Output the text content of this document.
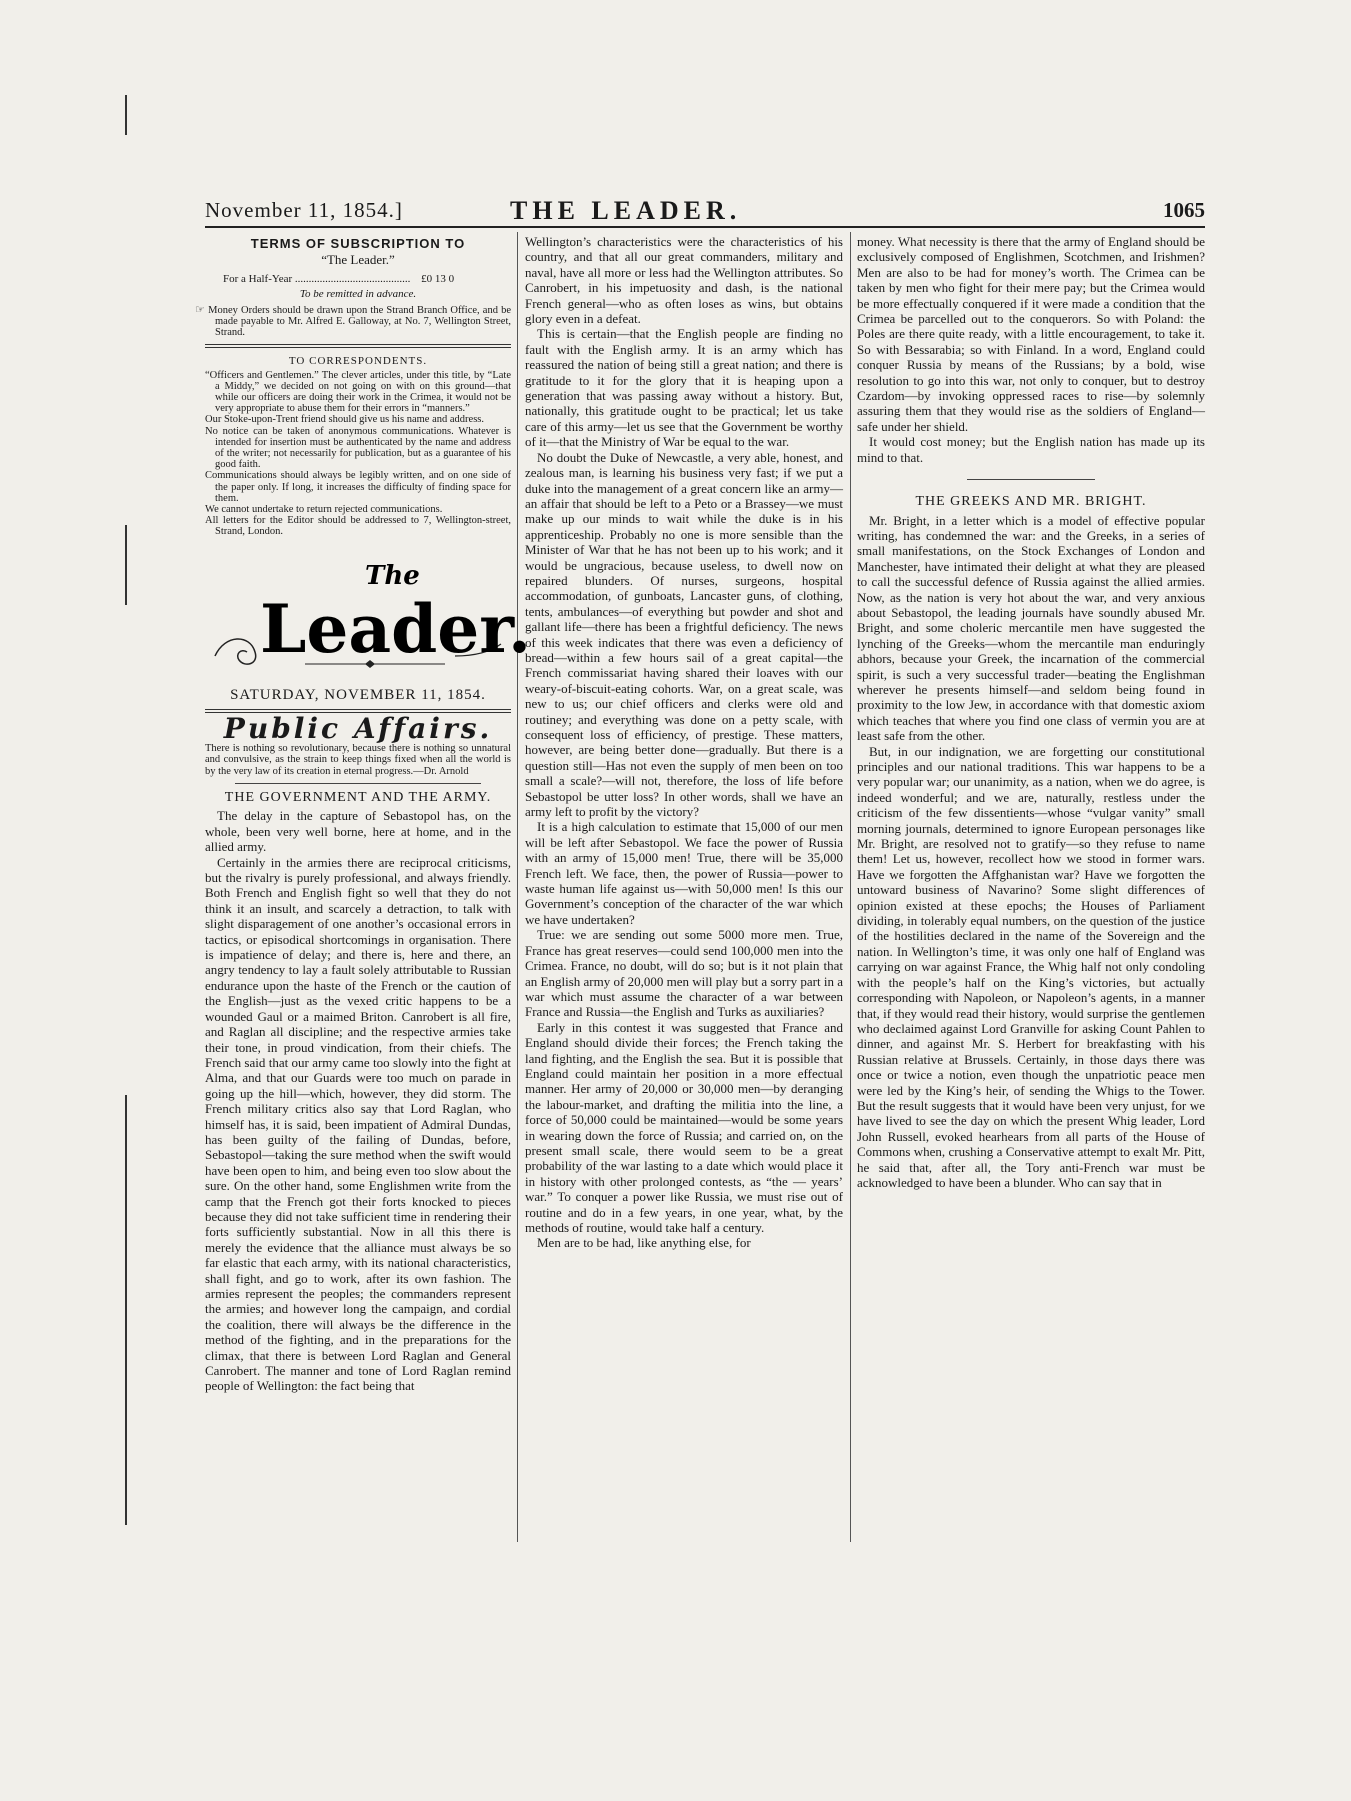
November 11, 1854.]	THE LEADER.	1065
TERMS OF SUBSCRIPTION TO
“The Leader.”
For a Half-Year .......................................... £0 13 0
To be remitted in advance.

☞ Money Orders should be drawn upon the Strand Branch Office, and be made payable to Mr. Alfred E. Galloway, at No. 7, Wellington Street, Strand.

TO CORRESPONDENTS.

“Officers and Gentlemen.” The clever articles, under this title, by “Late a Middy,” we decided on not going on with on this ground—that while our officers are doing their work in the Crimea, it would not be very appropriate to abuse them for their errors in “manners.”

Our Stoke-upon-Trent friend should give us his name and address.

No notice can be taken of anonymous communications. Whatever is intended for insertion must be authenticated by the name and address of the writer; not necessarily for publication, but as a guarantee of his good faith.

Communications should always be legibly written, and on one side of the paper only. If long, it increases the difficulty of finding space for them.

We cannot undertake to return rejected communications.

All letters for the Editor should be addressed to 7, Wellington-street, Strand, London.

The
Leader.
SATURDAY, NOVEMBER 11, 1854.
Public Affairs.
There is nothing so revolutionary, because there is nothing so unnatural and convulsive, as the strain to keep things fixed when all the world is by the very law of its creation in eternal progress.—Dr. Arnold
THE GOVERNMENT AND THE ARMY.

The delay in the capture of Sebastopol has, on the whole, been very well borne, here at home, and in the allied army.

Certainly in the armies there are reciprocal criticisms, but the rivalry is purely professional, and always friendly. Both French and English fight so well that they do not think it an insult, and scarcely a detraction, to talk with slight disparagement of one another’s occasional errors in tactics, or episodical shortcomings in organisation. There is impatience of delay; and there is, here and there, an angry tendency to lay a fault solely attributable to Russian endurance upon the haste of the French or the caution of the English—just as the vexed critic happens to be a wounded Gaul or a maimed Briton. Canrobert is all fire, and Raglan all discipline; and the respective armies take their tone, in proud vindication, from their chiefs. The French said that our army came too slowly into the fight at Alma, and that our Guards were too much on parade in going up the hill—which, however, they did storm. The French military critics also say that Lord Raglan, who himself has, it is said, been impatient of Admiral Dundas, has been guilty of the failing of Dundas, before, Sebastopol—taking the sure method when the swift would have been open to him, and being even too slow about the sure. On the other hand, some Englishmen write from the camp that the French got their forts knocked to pieces because they did not take sufficient time in rendering their forts sufficiently substantial. Now in all this there is merely the evidence that the alliance must always be so far elastic that each army, with its national characteristics, shall fight, and go to work, after its own fashion. The armies represent the peoples; the commanders represent the armies; and however long the campaign, and cordial the coalition, there will always be the difference in the method of the fighting, and in the preparations for the climax, that there is between Lord Raglan and General Canrobert. The manner and tone of Lord Raglan remind people of Wellington: the fact being that

Wellington’s characteristics were the characteristics of his country, and that all our great commanders, military and naval, have all more or less had the Wellington attributes. So Canrobert, in his impetuosity and dash, is the national French general—who as often loses as wins, but obtains glory even in a defeat.

This is certain—that the English people are finding no fault with the English army. It is an army which has reassured the nation of being still a great nation; and there is gratitude to it for the glory that it is heaping upon a generation that was passing away without a history. But, nationally, this gratitude ought to be practical; let us take care of this army—let us see that the Government be worthy of it—that the Ministry of War be equal to the war.

No doubt the Duke of Newcastle, a very able, honest, and zealous man, is learning his business very fast; if we put a duke into the management of a great concern like an army—an affair that should be left to a Peto or a Brassey—we must make up our minds to wait while the duke is in his apprenticeship. Probably no one is more sensible than the Minister of War that he has not been up to his work; and it would be ungracious, because useless, to dwell now on repaired blunders. Of nurses, surgeons, hospital accommodation, of gunboats, Lancaster guns, of clothing, tents, ambulances—of everything but powder and shot and gallant life—there has been a frightful deficiency. The news of this week indicates that there was even a deficiency of bread—within a few hours sail of a great capital—the French commissariat having shared their loaves with our weary-of-biscuit-eating cohorts. War, on a great scale, was new to us; our chief officers and clerks were old and routiney; and everything was done on a petty scale, with consequent loss of efficiency, of prestige. These matters, however, are being better done—gradually. But there is a question still—Has not even the supply of men been on too small a scale?—will not, therefore, the loss of life before Sebastopol be utter loss? In other words, shall we have an army left to profit by the victory?

It is a high calculation to estimate that 15,000 of our men will be left after Sebastopol. We face the power of Russia with an army of 15,000 men! True, there will be 35,000 French left. We face, then, the power of Russia—power to waste human life against us—with 50,000 men! Is this our Government’s conception of the character of the war which we have undertaken?

True: we are sending out some 5000 more men. True, France has great reserves—could send 100,000 men into the Crimea. France, no doubt, will do so; but is it not plain that an English army of 20,000 men will play but a sorry part in a war which must assume the character of a war between France and Russia—the English and Turks as auxiliaries?

Early in this contest it was suggested that France and England should divide their forces; the French taking the land fighting, and the English the sea. But it is possible that England could maintain her position in a more effectual manner. Her army of 20,000 or 30,000 men—by deranging the labour-market, and drafting the militia into the line, a force of 50,000 could be maintained—would be some years in wearing down the force of Russia; and carried on, on the present small scale, there would seem to be a great probability of the war lasting to a date which would place it in history with other prolonged contests, as “the — years’ war.” To conquer a power like Russia, we must rise out of routine and do in a few years, in one year, what, by the methods of routine, would take half a century.

Men are to be had, like anything else, for

money. What necessity is there that the army of England should be exclusively composed of Englishmen, Scotchmen, and Irishmen? Men are also to be had for money’s worth. The Crimea can be taken by men who fight for their mere pay; but the Crimea would be more effectually conquered if it were made a condition that the Crimea be parcelled out to the conquerors. So with Poland: the Poles are there quite ready, with a little encouragement, to take it. So with Bessarabia; so with Finland. In a word, England could conquer Russia by means of the Russians; by a bold, wise resolution to go into this war, not only to conquer, but to destroy Czardom—by invoking oppressed races to rise—by solemnly assuring them that they would rise as the soldiers of England—safe under her shield.

It would cost money; but the English nation has made up its mind to that.

THE GREEKS AND MR. BRIGHT.

Mr. Bright, in a letter which is a model of effective popular writing, has condemned the war: and the Greeks, in a series of small manifestations, on the Stock Exchanges of London and Manchester, have intimated their delight at what they are pleased to call the successful defence of Russia against the allied armies. Now, as the nation is very hot about the war, and very anxious about Sebastopol, the leading journals have soundly abused Mr. Bright, and some choleric mercantile men have suggested the lynching of the Greeks—whom the mercantile man enduringly abhors, because your Greek, the incarnation of the commercial spirit, is such a very successful trader—beating the Englishman wherever he presents himself—and seldom being found in proximity to the low Jew, in accordance with that domestic axiom which teaches that where you find one class of vermin you are at least safe from the other.

But, in our indignation, we are forgetting our constitutional principles and our national traditions. This war happens to be a very popular war; our unanimity, as a nation, when we do agree, is indeed wonderful; and we are, naturally, restless under the criticism of the few dissentients—whose “vulgar vanity” small morning journals, determined to ignore European personages like Mr. Bright, are resolved not to gratify—so they refuse to name them! Let us, however, recollect how we stood in former wars. Have we forgotten the Affghanistan war? Have we forgotten the untoward business of Navarino? Some slight differences of opinion existed at these epochs; the Houses of Parliament dividing, in tolerably equal numbers, on the question of the justice of the hostilities declared in the name of the Sovereign and the nation. In Wellington’s time, it was only one half of England was carrying on war against France, the Whig half not only condoling with the people’s half on the King’s victories, but actually corresponding with Napoleon, or Napoleon’s agents, in a manner that, if they would read their history, would surprise the gentlemen who declaimed against Lord Granville for asking Count Pahlen to dinner, and against Mr. S. Herbert for breakfasting with his Russian relative at Brussels. Certainly, in those days there was once or twice a notion, even though the unpatriotic peace men were led by the King’s heir, of sending the Whigs to the Tower. But the result suggests that it would have been very unjust, for we have lived to see the day on which the present Whig leader, Lord John Russell, evoked hearhears from all parts of the House of Commons when, crushing a Conservative attempt to exalt Mr. Pitt, he said that, after all, the Tory anti-French war must be acknowledged to have been a blunder. Who can say that in
